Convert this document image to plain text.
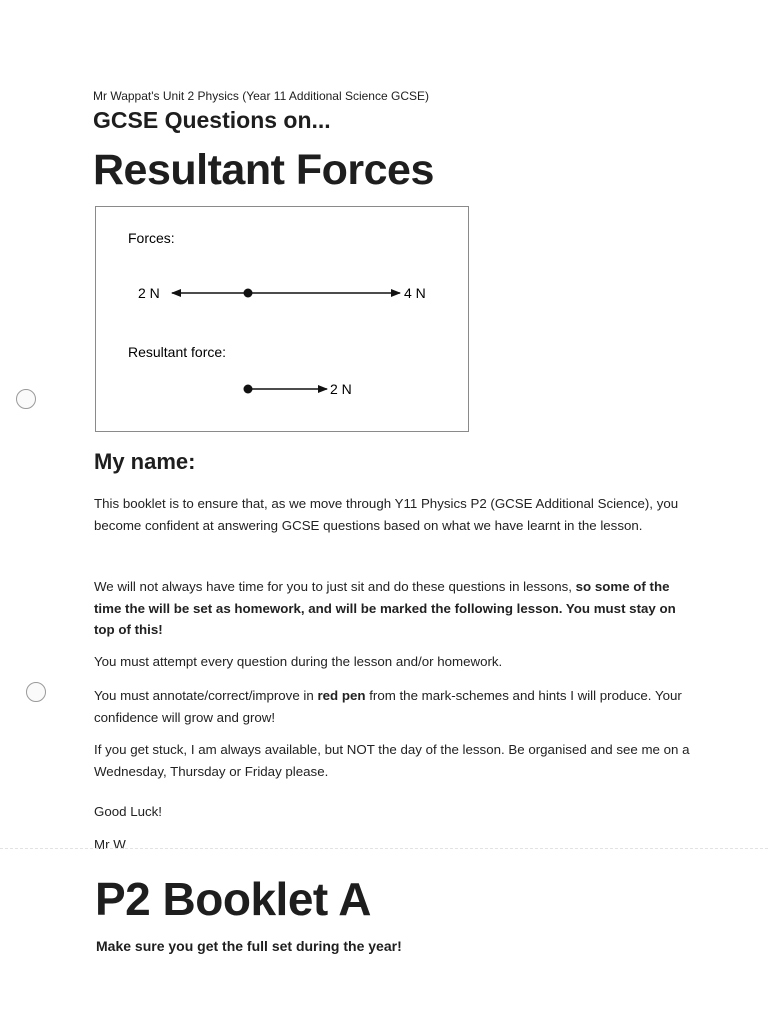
Mr Wappat's Unit 2 Physics (Year 11 Additional Science GCSE)
GCSE Questions on...
Resultant Forces
Forces:
2 N	4 N
Resultant force:
2 N
My name:
This booklet is to ensure that, as we move through Y11 Physics P2 (GCSE Additional Science), you become confident at answering GCSE questions based on what we have learnt in the lesson.
We will not always have time for you to just sit and do these questions in lessons, so some of the time the will be set as homework, and will be marked the following lesson. You must stay on top of this!
You must attempt every question during the lesson and/or homework.
You must annotate/correct/improve in red pen from the mark-schemes and hints I will produce. Your confidence will grow and grow!
If you get stuck, I am always available, but NOT the day of the lesson. Be organised and see me on a Wednesday, Thursday or Friday please.
Good Luck!
Mr W
P2 Booklet A
Make sure you get the full set during the year!
